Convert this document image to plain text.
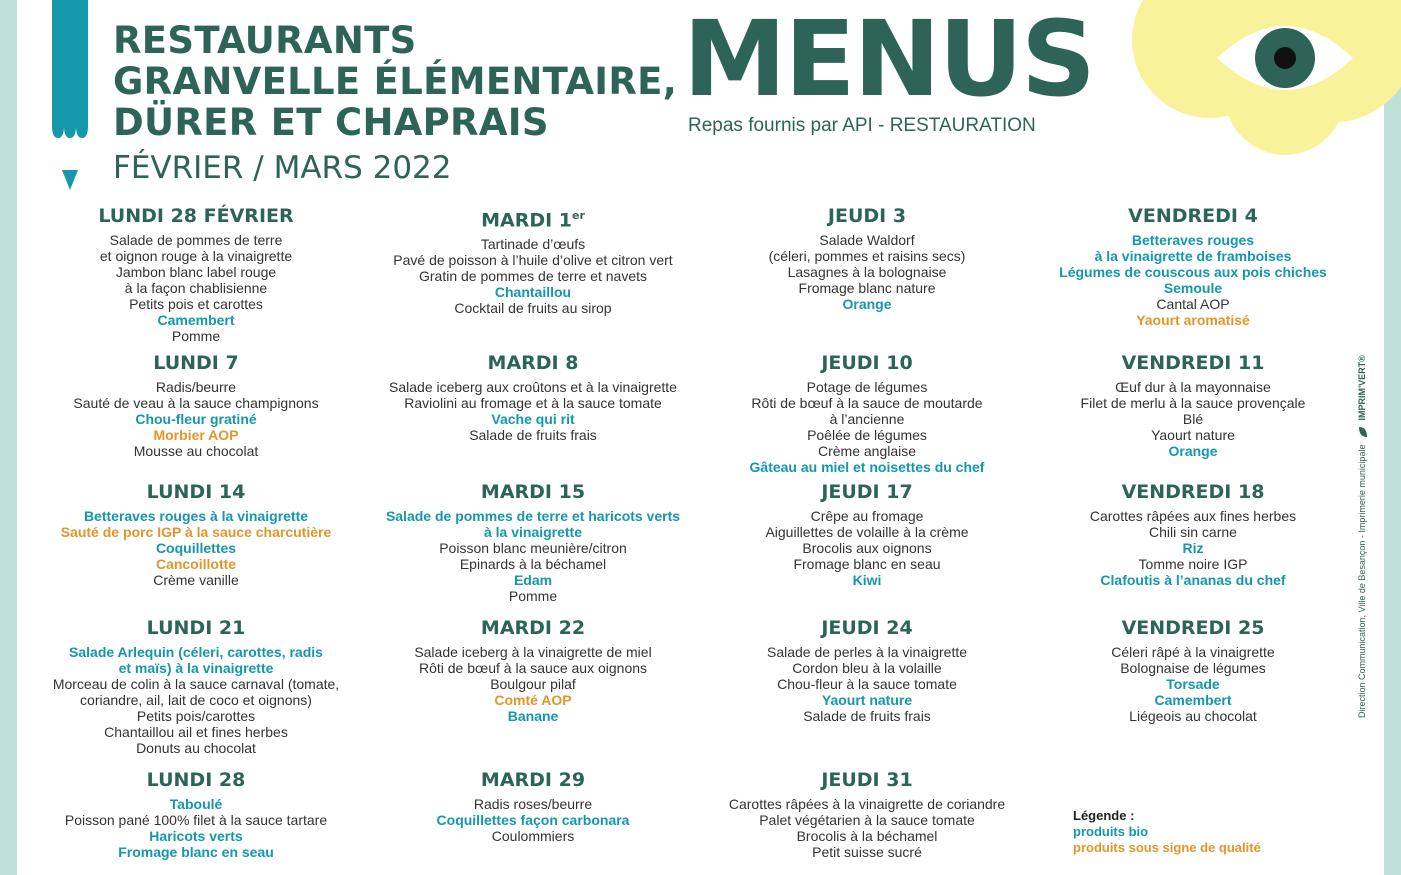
RESTAURANTS
GRANVELLE ÉLÉMENTAIRE,
DÜRER ET CHAPRAIS
FÉVRIER / MARS 2022
MENUS
Repas fournis par API - RESTAURATION
Direction Communication, Ville de Besançon - Imprimerie municipale  IMPRIM'VERT®
LUNDI 28 FÉVRIER
Salade de pommes de terre
et oignon rouge à la vinaigrette
Jambon blanc label rouge
à la façon chablisienne
Petits pois et carottes
Camembert
Pomme
MARDI 1er
Tartinade d’œufs
Pavé de poisson à l’huile d’olive et citron vert
Gratin de pommes de terre et navets
Chantaillou
Cocktail de fruits au sirop
JEUDI 3
Salade Waldorf
(céleri, pommes et raisins secs)
Lasagnes à la bolognaise
Fromage blanc nature
Orange
VENDREDI 4
Betteraves rouges
à la vinaigrette de framboises
Légumes de couscous aux pois chiches
Semoule
Cantal AOP
Yaourt aromatisé
LUNDI 7
Radis/beurre
Sauté de veau à la sauce champignons
Chou-fleur gratiné
Morbier AOP
Mousse au chocolat
MARDI 8
Salade iceberg aux croûtons et à la vinaigrette
Raviolini au fromage et à la sauce tomate
Vache qui rit
Salade de fruits frais
JEUDI 10
Potage de légumes
Rôti de bœuf à la sauce de moutarde
à l’ancienne
Poêlée de légumes
Crème anglaise
Gâteau au miel et noisettes du chef
VENDREDI 11
Œuf dur à la mayonnaise
Filet de merlu à la sauce provençale
Blé
Yaourt nature
Orange
LUNDI 14
Betteraves rouges à la vinaigrette
Sauté de porc IGP à la sauce charcutière
Coquillettes
Cancoillotte
Crème vanille
MARDI 15
Salade de pommes de terre et haricots verts
à la vinaigrette
Poisson blanc meunière/citron
Epinards à la béchamel
Edam
Pomme
JEUDI 17
Crêpe au fromage
Aiguillettes de volaille à la crème
Brocolis aux oignons
Fromage blanc en seau
Kiwi
VENDREDI 18
Carottes râpées aux fines herbes
Chili sin carne
Riz
Tomme noire IGP
Clafoutis à l’ananas du chef
LUNDI 21
Salade Arlequin (céleri, carottes, radis
et maïs) à la vinaigrette
Morceau de colin à la sauce carnaval (tomate,
coriandre, ail, lait de coco et oignons)
Petits pois/carottes
Chantaillou ail et fines herbes
Donuts au chocolat
MARDI 22
Salade iceberg à la vinaigrette de miel
Rôti de bœuf à la sauce aux oignons
Boulgour pilaf
Comté AOP
Banane
JEUDI 24
Salade de perles à la vinaigrette
Cordon bleu à la volaille
Chou-fleur à la sauce tomate
Yaourt nature
Salade de fruits frais
VENDREDI 25
Céleri râpé à la vinaigrette
Bolognaise de légumes
Torsade
Camembert
Liégeois au chocolat
LUNDI 28
Taboulé
Poisson pané 100% filet à la sauce tartare
Haricots verts
Fromage blanc en seau
MARDI 29
Radis roses/beurre
Coquillettes façon carbonara
Coulommiers
JEUDI 31
Carottes râpées à la vinaigrette de coriandre
Palet végétarien à la sauce tomate
Brocolis à la béchamel
Petit suisse sucré
Légende :
produits bio
produits sous signe de qualité
